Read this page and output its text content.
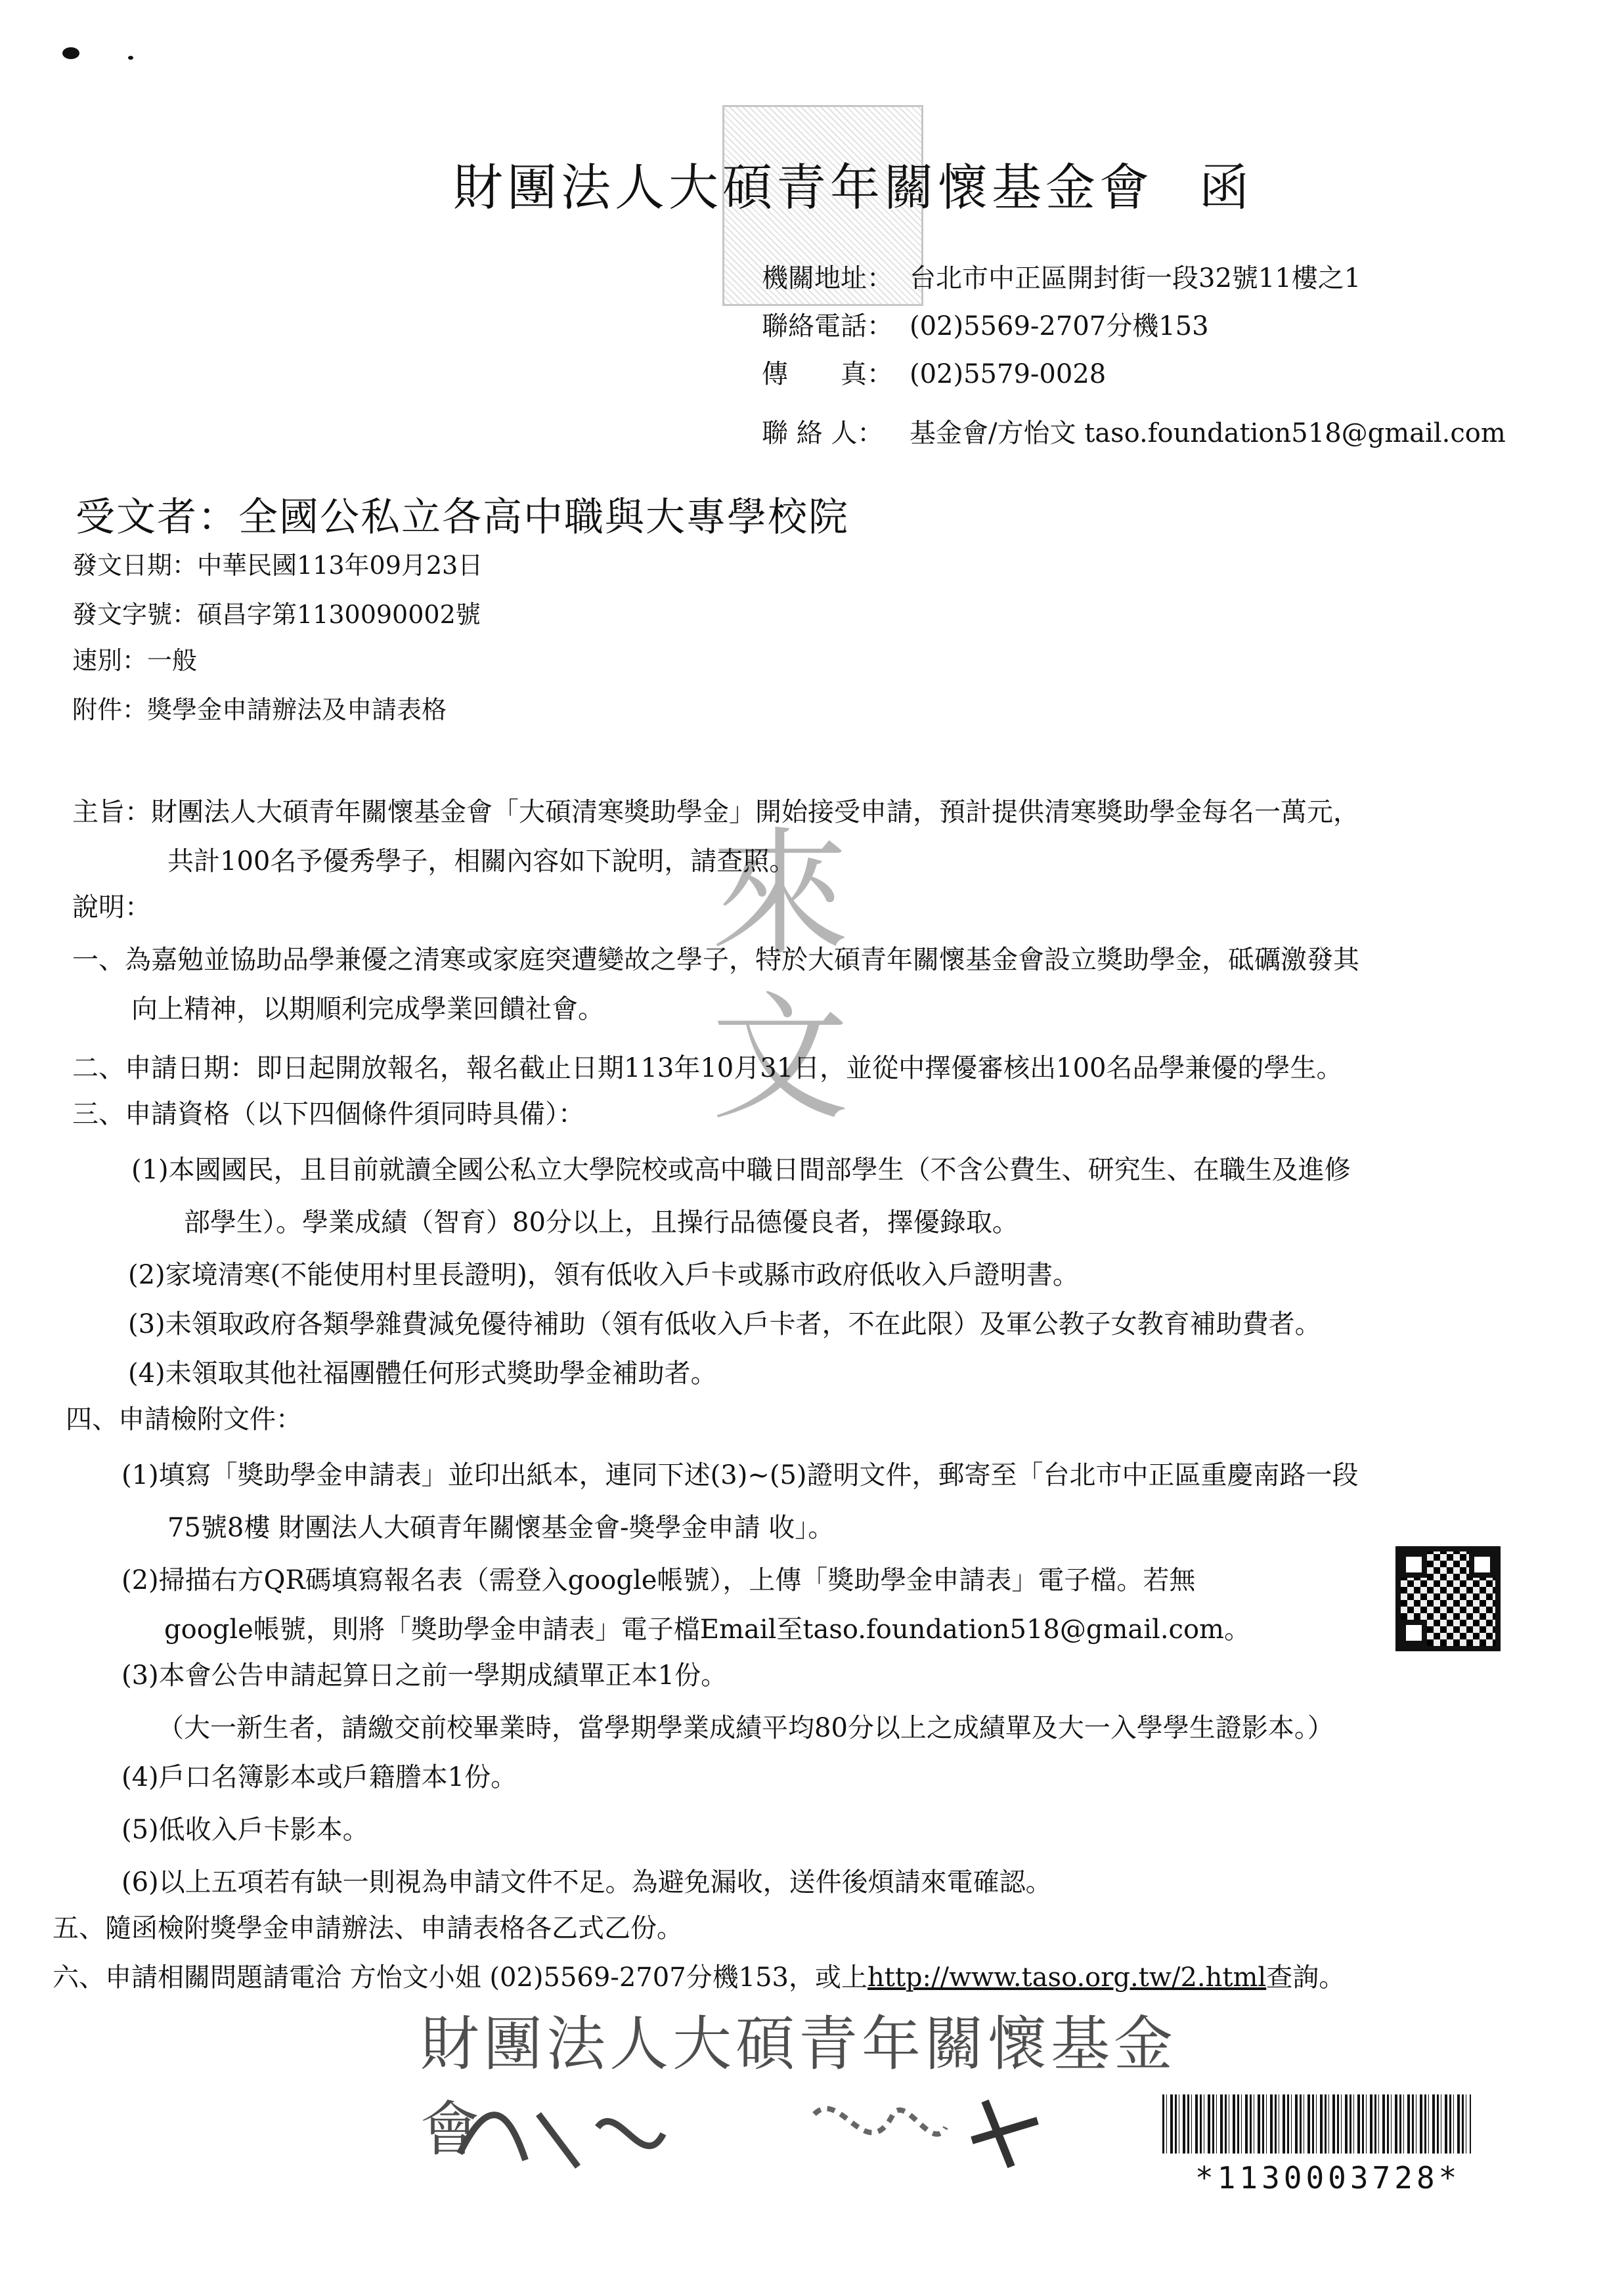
財團法人大碩青年關懷基金會 函
機關地址： 台北市中正區開封街一段32號11樓之1
聯絡電話： (02)5569-2707分機153
傳　　真： (02)5579-0028
聯 絡 人： 基金會/方怡文 taso.foundation518@gmail.com
受文者：全國公私立各高中職與大專學校院
發文日期：中華民國113年09月23日
發文字號：碩昌字第1130090002號
速別：一般
附件：獎學金申請辦法及申請表格
來文
主旨：財團法人大碩青年關懷基金會「大碩清寒獎助學金」開始接受申請，預計提供清寒獎助學金每名一萬元，
共計100名予優秀學子，相關內容如下說明，請查照。
說明：
一、為嘉勉並協助品學兼優之清寒或家庭突遭變故之學子，特於大碩青年關懷基金會設立獎助學金，砥礪激發其
向上精神，以期順利完成學業回饋社會。
二、申請日期：即日起開放報名，報名截止日期113年10月31日，並從中擇優審核出100名品學兼優的學生。
三、申請資格（以下四個條件須同時具備）：
(1)本國國民，且目前就讀全國公私立大學院校或高中職日間部學生（不含公費生、研究生、在職生及進修
部學生）。學業成績（智育）80分以上，且操行品德優良者，擇優錄取。
(2)家境清寒(不能使用村里長證明)，領有低收入戶卡或縣市政府低收入戶證明書。
(3)未領取政府各類學雜費減免優待補助（領有低收入戶卡者，不在此限）及軍公教子女教育補助費者。
(4)未領取其他社福團體任何形式獎助學金補助者。
四、申請檢附文件：
(1)填寫「獎助學金申請表」並印出紙本，連同下述(3)~(5)證明文件，郵寄至「台北市中正區重慶南路一段
75號8樓 財團法人大碩青年關懷基金會-獎學金申請 收」。
(2)掃描右方QR碼填寫報名表（需登入google帳號），上傳「獎助學金申請表」電子檔。若無
google帳號，則將「獎助學金申請表」電子檔Email至taso.foundation518@gmail.com。
(3)本會公告申請起算日之前一學期成績單正本1份。
（大一新生者，請繳交前校畢業時，當學期學業成績平均80分以上之成績單及大一入學學生證影本。）
(4)戶口名簿影本或戶籍謄本1份。
(5)低收入戶卡影本。
(6)以上五項若有缺一則視為申請文件不足。為避免漏收，送件後煩請來電確認。
五、隨函檢附獎學金申請辦法、申請表格各乙式乙份。
六、申請相關問題請電洽 方怡文小姐 (02)5569-2707分機153，或上http://www.taso.org.tw/2.html查詢。
財團法人大碩青年關懷基金會
*1130003728*
